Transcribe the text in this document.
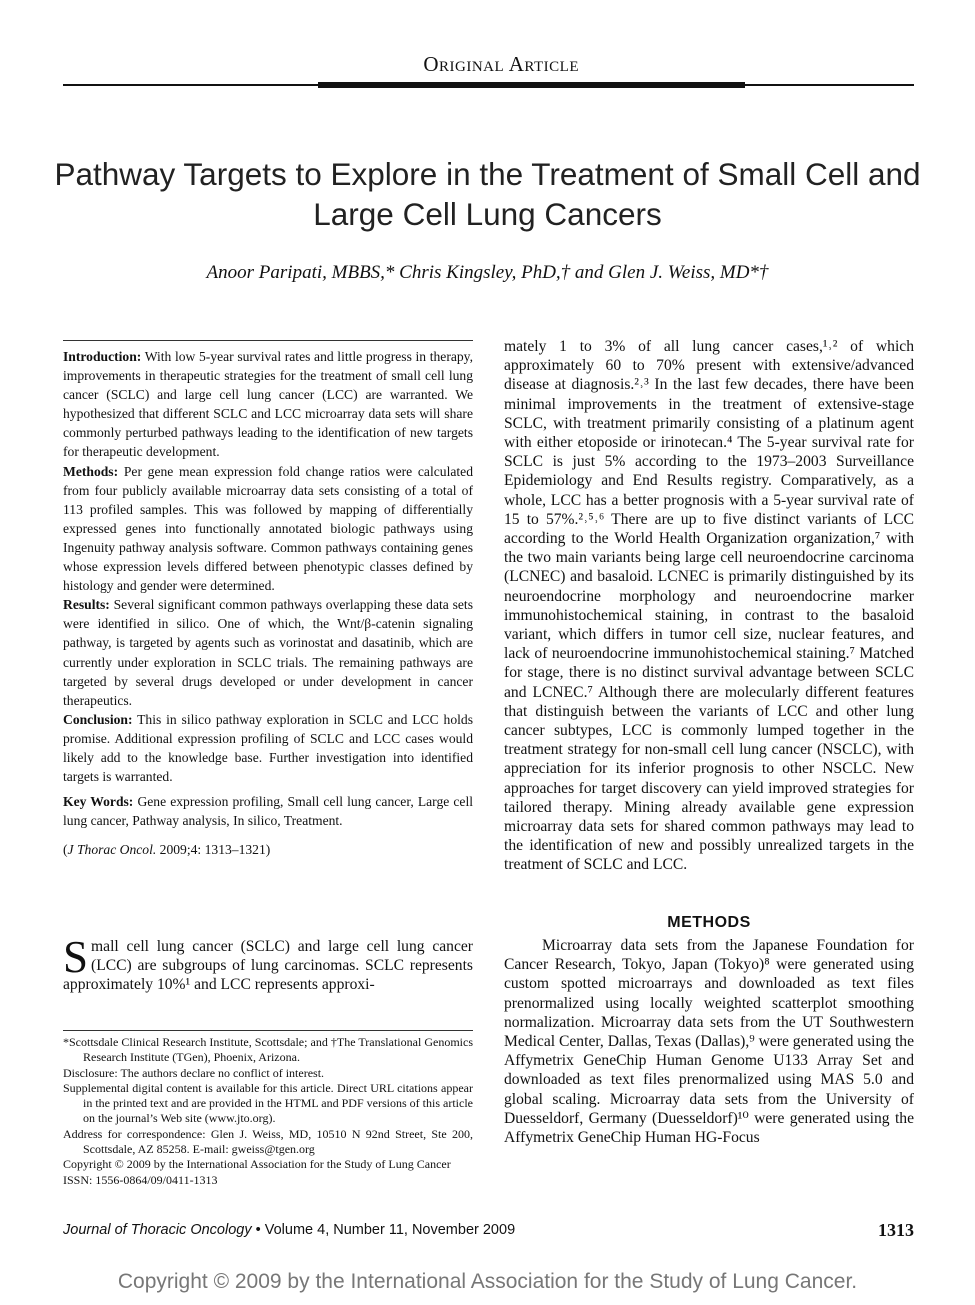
Original Article
Pathway Targets to Explore in the Treatment of Small Cell and Large Cell Lung Cancers
Anoor Paripati, MBBS,* Chris Kingsley, PhD,† and Glen J. Weiss, MD*†

Introduction: With low 5-year survival rates and little progress in therapy, improvements in therapeutic strategies for the treatment of small cell lung cancer (SCLC) and large cell lung cancer (LCC) are warranted. We hypothesized that different SCLC and LCC microarray data sets will share commonly perturbed pathways leading to the identification of new targets for therapeutic development.

Methods: Per gene mean expression fold change ratios were calculated from four publicly available microarray data sets consisting of a total of 113 profiled samples. This was followed by mapping of differentially expressed genes into functionally annotated biologic pathways using Ingenuity pathway analysis software. Common pathways containing genes whose expression levels differed between phenotypic classes defined by histology and gender were determined.

Results: Several significant common pathways overlapping these data sets were identified in silico. One of which, the Wnt/β-catenin signaling pathway, is targeted by agents such as vorinostat and dasatinib, which are currently under exploration in SCLC trials. The remaining pathways are targeted by several drugs developed or under development in cancer therapeutics.

Conclusion: This in silico pathway exploration in SCLC and LCC holds promise. Additional expression profiling of SCLC and LCC cases would likely add to the knowledge base. Further investigation into identified targets is warranted.

Key Words: Gene expression profiling, Small cell lung cancer, Large cell lung cancer, Pathway analysis, In silico, Treatment.

(J Thorac Oncol. 2009;4: 1313–1321)

Small cell lung cancer (SCLC) and large cell lung cancer (LCC) are subgroups of lung carcinomas. SCLC represents approximately 10%¹ and LCC represents approxi-

*Scottsdale Clinical Research Institute, Scottsdale; and †The Translational Genomics Research Institute (TGen), Phoenix, Arizona.

Disclosure: The authors declare no conflict of interest.

Supplemental digital content is available for this article. Direct URL citations appear in the printed text and are provided in the HTML and PDF versions of this article on the journal’s Web site (www.jto.org).

Address for correspondence: Glen J. Weiss, MD, 10510 N 92nd Street, Ste 200, Scottsdale, AZ 85258. E-mail: gweiss@tgen.org

Copyright © 2009 by the International Association for the Study of Lung Cancer

ISSN: 1556-0864/09/0411-1313

mately 1 to 3% of all lung cancer cases,¹˒² of which approximately 60 to 70% present with extensive/advanced disease at diagnosis.²˒³ In the last few decades, there have been minimal improvements in the treatment of extensive-stage SCLC, with treatment primarily consisting of a platinum agent with either etoposide or irinotecan.⁴ The 5-year survival rate for SCLC is just 5% according to the 1973–2003 Surveillance Epidemiology and End Results registry. Comparatively, as a whole, LCC has a better prognosis with a 5-year survival rate of 15 to 57%.²˒⁵˒⁶ There are up to five distinct variants of LCC according to the World Health Organization organization,⁷ with the two main variants being large cell neuroendocrine carcinoma (LCNEC) and basaloid. LCNEC is primarily distinguished by its neuroendocrine morphology and neuroendocrine marker immunohistochemical staining, in contrast to the basaloid variant, which differs in tumor cell size, nuclear features, and lack of neuroendocrine immunohistochemical staining.⁷ Matched for stage, there is no distinct survival advantage between SCLC and LCNEC.⁷ Although there are molecularly different features that distinguish between the variants of LCC and other lung cancer subtypes, LCC is commonly lumped together in the treatment strategy for non-small cell lung cancer (NSCLC), with appreciation for its inferior prognosis to other NSCLC. New approaches for target discovery can yield improved strategies for tailored therapy. Mining already available gene expression microarray data sets for shared common pathways may lead to the identification of new and possibly unrealized targets in the treatment of SCLC and LCC.

METHODS

Microarray data sets from the Japanese Foundation for Cancer Research, Tokyo, Japan (Tokyo)⁸ were generated using custom spotted microarrays and downloaded as text files prenormalized using locally weighted scatterplot smoothing normalization. Microarray data sets from the UT Southwestern Medical Center, Dallas, Texas (Dallas),⁹ were generated using the Affymetrix GeneChip Human Genome U133 Array Set and downloaded as text files prenormalized using MAS 5.0 and global scaling. Microarray data sets from the University of Duesseldorf, Germany (Duesseldorf)¹⁰ were generated using the Affymetrix GeneChip Human HG-Focus

Journal of Thoracic Oncology • Volume 4, Number 11, November 2009	1313
Copyright © 2009 by the International Association for the Study of Lung Cancer.
